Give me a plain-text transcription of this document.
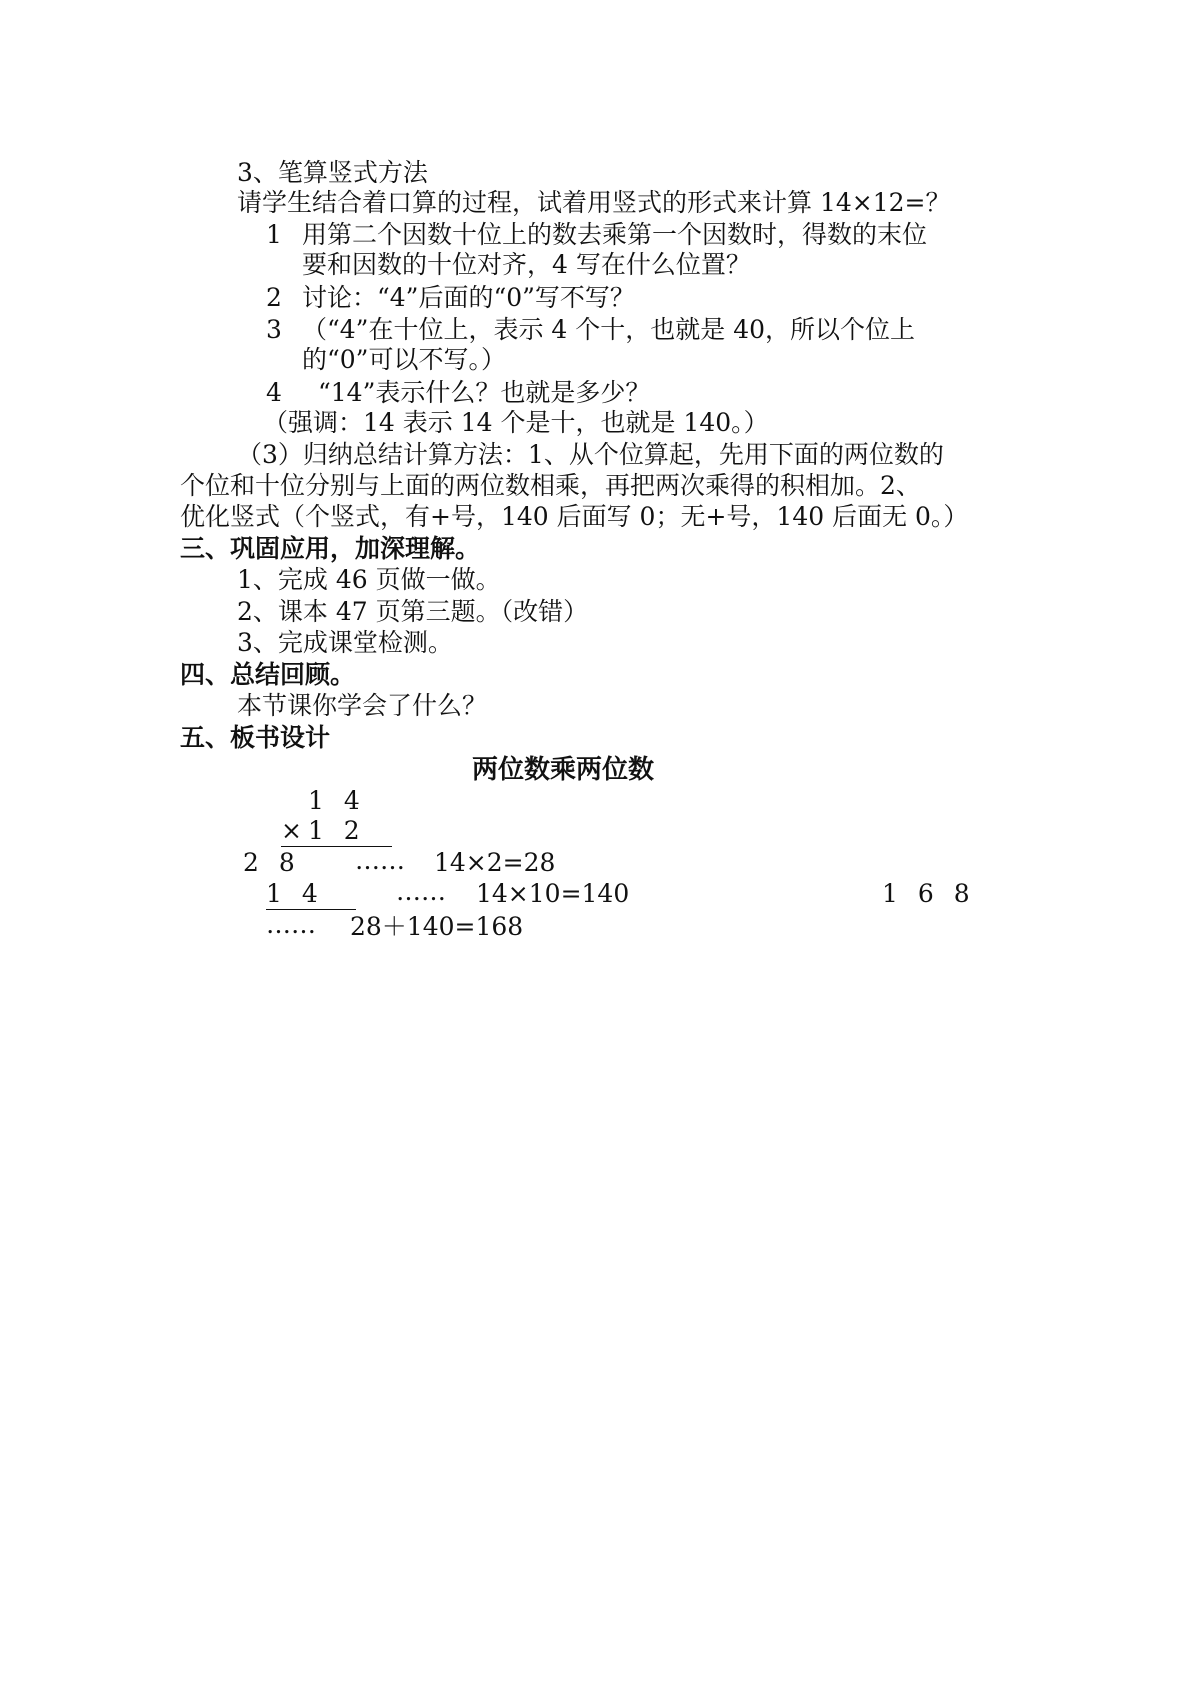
3、笔算竖式方法
请学生结合着口算的过程，试着用竖式的形式来计算 14×12=？
1 用第二个因数十位上的数去乘第一个因数时，得数的末位
要和因数的十位对齐，4 写在什么位置？
2 讨论：“4”后面的“0”写不写？
3 （“4”在十位上，表示 4 个十，也就是 40，所以个位上
的“0”可以不写。）
4 “14”表示什么？也就是多少？
（强调：14 表示 14 个是十，也就是 140。）
（3）归纳总结计算方法：1、从个位算起，先用下面的两位数的
个位和十位分别与上面的两位数相乘，再把两次乘得的积相加。2、
优化竖式（个竖式，有+号，140 后面写 0；无+号，140 后面无 0。）
三、巩固应用，加深理解。
1、完成 46 页做一做。
2、课本 47 页第三题。（改错）
3、完成课堂检测。
四、总结回顾。
本节课你学会了什么？
五、板书设计
两位数乘两位数
1 4
×1 2
2 8 …… 14×2=28
1 4	…… 14×10=140	1 6 8
…… 28＋140=168
